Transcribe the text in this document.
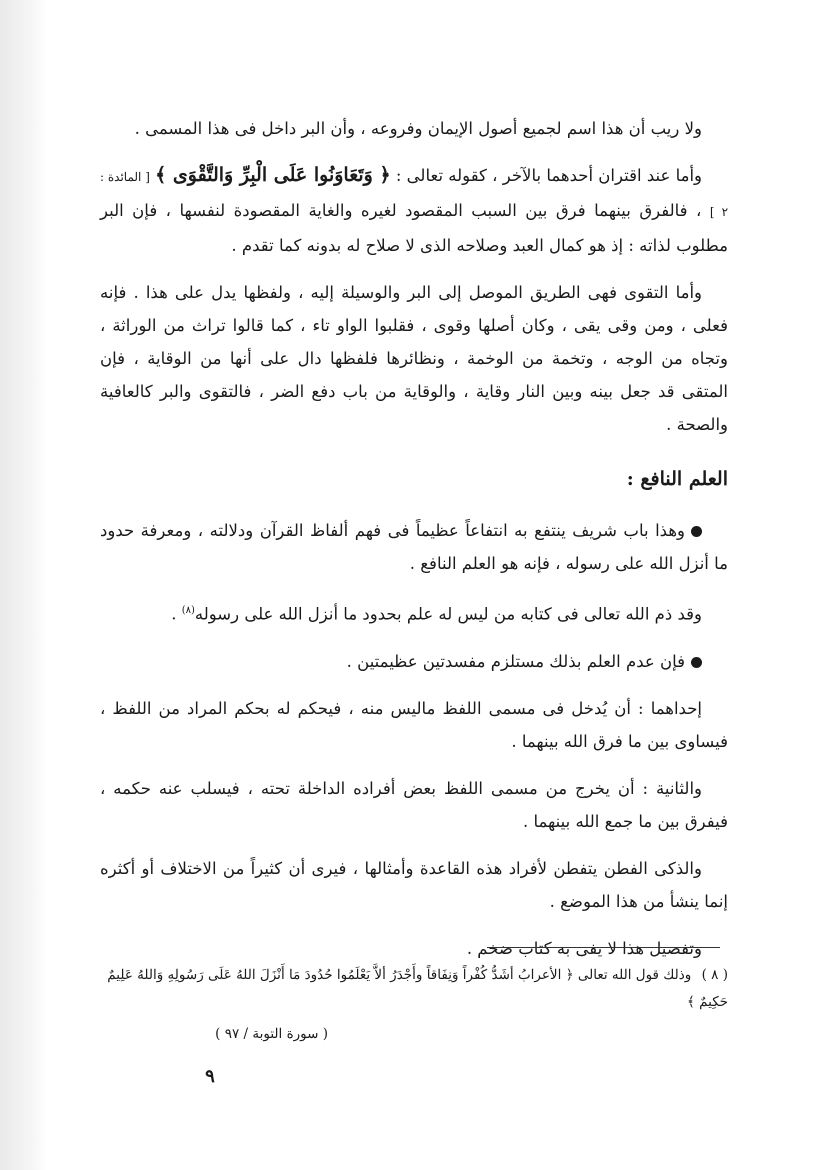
ولا ريب أن هذا اسم لجميع أصول الإيمان وفروعه ، وأن البر داخل فى هذا المسمى .

وأما عند اقتران أحدهما بالآخر ، كقوله تعالى : ﴿ وَتَعَاوَنُوا عَلَى الْبِرِّ وَالتَّقْوَى ﴾ [ المائدة : ٢ ] ، فالفرق بينهما فرق بين السبب المقصود لغيره والغاية المقصودة لنفسها ، فإن البر مطلوب لذاته : إذ هو كمال العبد وصلاحه الذى لا صلاح له بدونه كما تقدم .

وأما التقوى فهى الطريق الموصل إلى البر والوسيلة إليه ، ولفظها يدل على هذا . فإنه فعلى ، ومن وقى يقى ، وكان أصلها وقوى ، فقلبوا الواو تاء ، كما قالوا تراث من الوراثة ، وتجاه من الوجه ، وتخمة من الوخمة ، ونظائرها فلفظها دال على أنها من الوقاية ، فإن المتقى قد جعل بينه وبين النار وقاية ، والوقاية من باب دفع الضر ، فالتقوى والبر كالعافية والصحة .

العلم النافع :

وهذا باب شريف ينتفع به انتفاعاً عظيماً فى فهم ألفاظ القرآن ودلالته ، ومعرفة حدود ما أنزل الله على رسوله ، فإنه هو العلم النافع .

وقد ذم الله تعالى فى كتابه من ليس له علم بحدود ما أنزل الله على رسوله$^{(٨)}$ .

فإن عدم العلم بذلك مستلزم مفسدتين عظيمتين .

إحداهما : أن يُدخل فى مسمى اللفظ ماليس منه ، فيحكم له بحكم المراد من اللفظ ، فيساوى بين ما فرق الله بينهما .

والثانية : أن يخرج من مسمى اللفظ بعض أفراده الداخلة تحته ، فيسلب عنه حكمه ، فيفرق بين ما جمع الله بينهما .

والذكى الفطن يتفطن لأفراد هذه القاعدة وأمثالها ، فيرى أن كثيراً من الاختلاف أو أكثره إنما ينشأ من هذا الموضع .

وتفصيل هذا لا يفى به كتاب ضخم .

( ٨ ) وذلك قول الله تعالى ﴿ الأعرابُ أشَدُّ كُفْراً وَنِفَاقاً وأَجْدَرُ ألاَّ يَعْلَمُوا حُدُودَ مَا أَنْزَلَ اللهُ عَلَى رَسُولِهِ وَاللهُ عَلِيمٌ حَكِيمٌ ﴾
( سورة التوبة / ٩٧ )
٩
